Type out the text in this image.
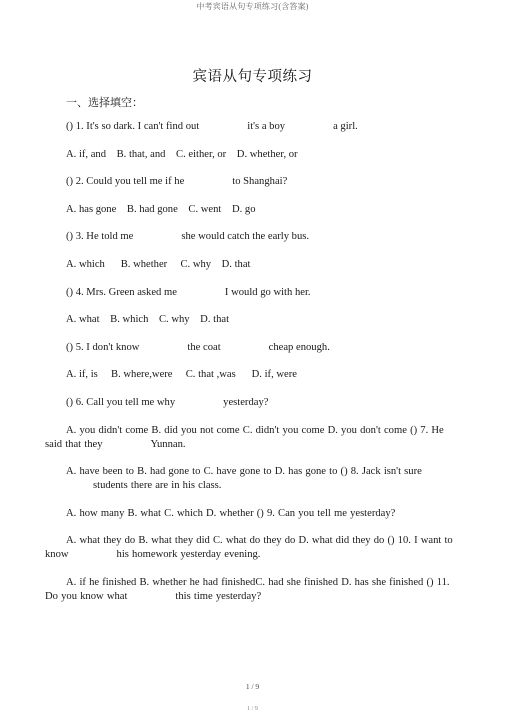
中考宾语从句专项练习(含答案)
宾语从句专项练习
一、选择填空：
() 1. It's so dark. I can't find out	it's a boy	a girl.
A. if, and    B. that, and    C. either, or    D. whether, or
() 2. Could you tell me if he	to Shanghai?
A. has gone    B. had gone    C. went    D. go
() 3. He told me	she would catch the early bus.
A. which      B. whether     C. why    D. that
() 4. Mrs. Green asked me	I would go with her.
A. what    B. which    C. why    D. that
() 5. I don't know	the coat	cheap enough.
A. if, is     B. where,were     C. that ,was      D. if, were
() 6. Call you tell me why	yesterday?
A. you didn't come B. did you not come C. didn't you come D. you don't come () 7. He said that they	Yunnan.
A. have been to B. had gone to C. have gone to D. has gone to () 8. Jack isn't surestudents there are in his class.
A. how many B. what C. which D. whether () 9. Can you tell me yesterday?
A. what they do B. what they did C. what do they do D. what did they do () 10. I want to know	his homework yesterday evening.
A. if he finished B. whether he had finishedC. had she finished D. has she finished () 11. Do you know what	this time yesterday?
1 / 9
1 / 9
